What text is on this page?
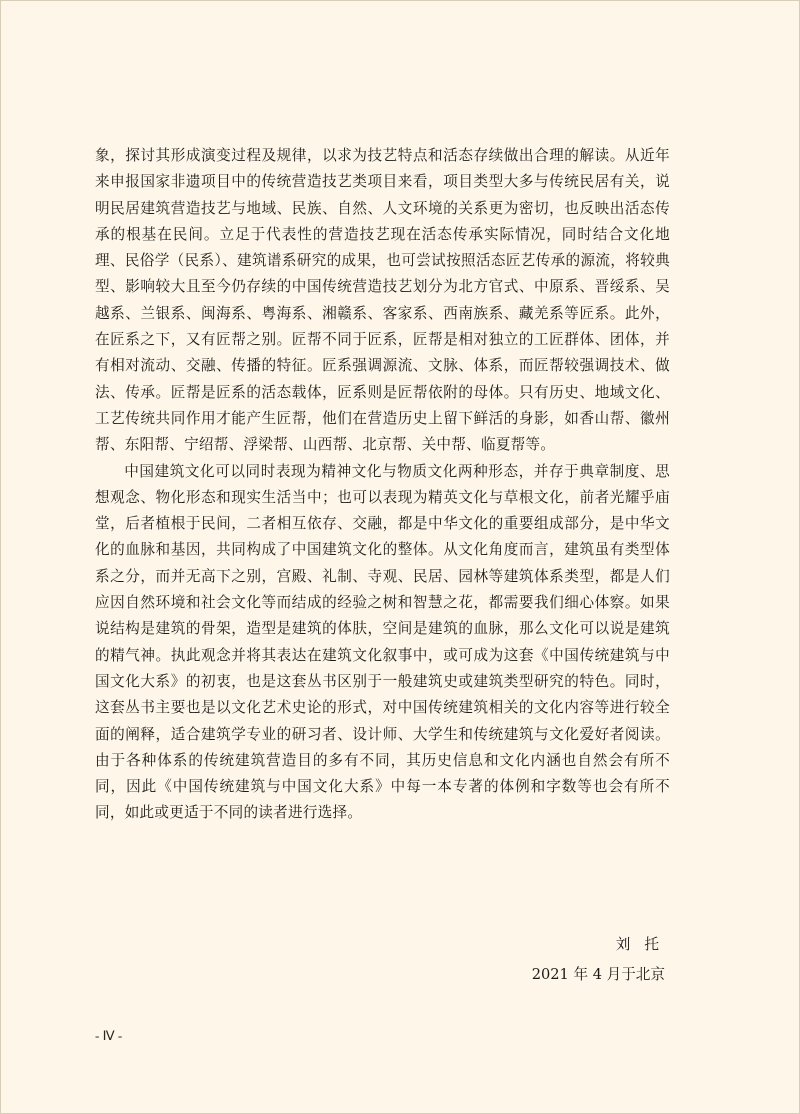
象，探讨其形成演变过程及规律，以求为技艺特点和活态存续做出合理的解读。从近年来申报国家非遗项目中的传统营造技艺类项目来看，项目类型大多与传统民居有关，说明民居建筑营造技艺与地域、民族、自然、人文环境的关系更为密切，也反映出活态传承的根基在民间。立足于代表性的营造技艺现在活态传承实际情况，同时结合文化地理、民俗学（民系）、建筑谱系研究的成果，也可尝试按照活态匠艺传承的源流，将较典型、影响较大且至今仍存续的中国传统营造技艺划分为北方官式、中原系、晋绥系、吴越系、兰银系、闽海系、粤海系、湘赣系、客家系、西南族系、藏羌系等匠系。此外，在匠系之下，又有匠帮之别。匠帮不同于匠系，匠帮是相对独立的工匠群体、团体，并有相对流动、交融、传播的特征。匠系强调源流、文脉、体系，而匠帮较强调技术、做法、传承。匠帮是匠系的活态载体，匠系则是匠帮依附的母体。只有历史、地域文化、工艺传统共同作用才能产生匠帮，他们在营造历史上留下鲜活的身影，如香山帮、徽州帮、东阳帮、宁绍帮、浮梁帮、山西帮、北京帮、关中帮、临夏帮等。

中国建筑文化可以同时表现为精神文化与物质文化两种形态，并存于典章制度、思想观念、物化形态和现实生活当中；也可以表现为精英文化与草根文化，前者光耀乎庙堂，后者植根于民间，二者相互依存、交融，都是中华文化的重要组成部分，是中华文化的血脉和基因，共同构成了中国建筑文化的整体。从文化角度而言，建筑虽有类型体系之分，而并无高下之别，宫殿、礼制、寺观、民居、园林等建筑体系类型，都是人们应因自然环境和社会文化等而结成的经验之树和智慧之花，都需要我们细心体察。如果说结构是建筑的骨架，造型是建筑的体肤，空间是建筑的血脉，那么文化可以说是建筑的精气神。执此观念并将其表达在建筑文化叙事中，或可成为这套《中国传统建筑与中国文化大系》的初衷，也是这套丛书区别于一般建筑史或建筑类型研究的特色。同时，这套丛书主要也是以文化艺术史论的形式，对中国传统建筑相关的文化内容等进行较全面的阐释，适合建筑学专业的研习者、设计师、大学生和传统建筑与文化爱好者阅读。由于各种体系的传统建筑营造目的多有不同，其历史信息和文化内涵也自然会有所不同，因此《中国传统建筑与中国文化大系》中每一本专著的体例和字数等也会有所不同，如此或更适于不同的读者进行选择。

刘托
2021 年 4 月于北京
- Ⅳ -
